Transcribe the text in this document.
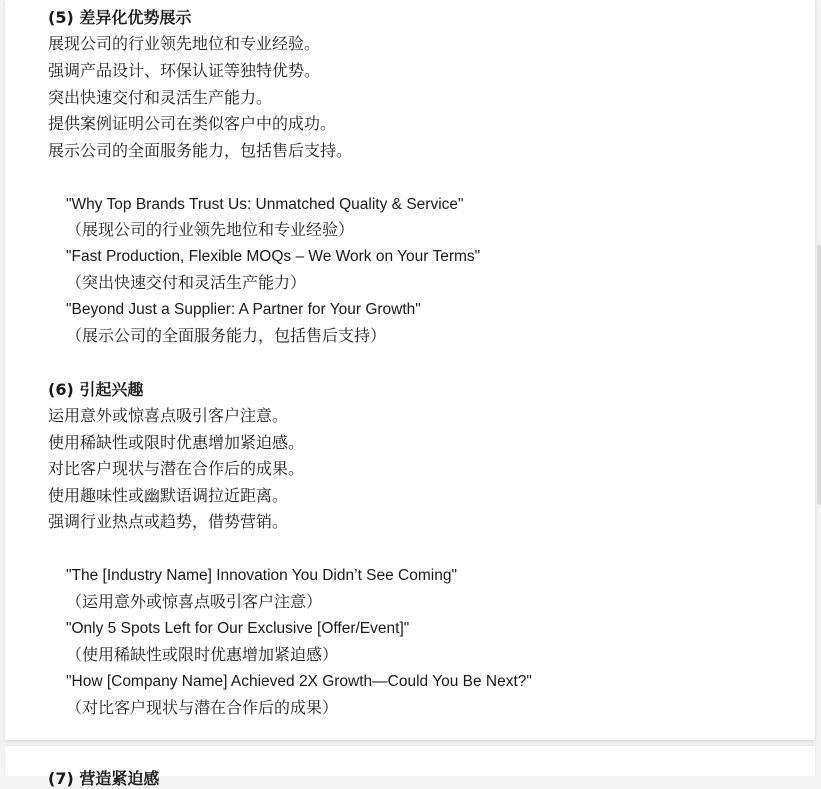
(5) 差异化优势展示
展现公司的行业领先地位和专业经验。
强调产品设计、环保认证等独特优势。
突出快速交付和灵活生产能力。
提供案例证明公司在类似客户中的成功。
展示公司的全面服务能力，包括售后支持。
"Why Top Brands Trust Us: Unmatched Quality & Service"
（展现公司的行业领先地位和专业经验）
"Fast Production, Flexible MOQs – We Work on Your Terms"
（突出快速交付和灵活生产能力）
"Beyond Just a Supplier: A Partner for Your Growth"
（展示公司的全面服务能力，包括售后支持）
(6) 引起兴趣
运用意外或惊喜点吸引客户注意。
使用稀缺性或限时优惠增加紧迫感。
对比客户现状与潜在合作后的成果。
使用趣味性或幽默语调拉近距离。
强调行业热点或趋势，借势营销。
"The [Industry Name] Innovation You Didn’t See Coming"
（运用意外或惊喜点吸引客户注意）
"Only 5 Spots Left for Our Exclusive [Offer/Event]"
（使用稀缺性或限时优惠增加紧迫感）
"How [Company Name] Achieved 2X Growth—Could You Be Next?"
（对比客户现状与潜在合作后的成果）
(7) 营造紧迫感
